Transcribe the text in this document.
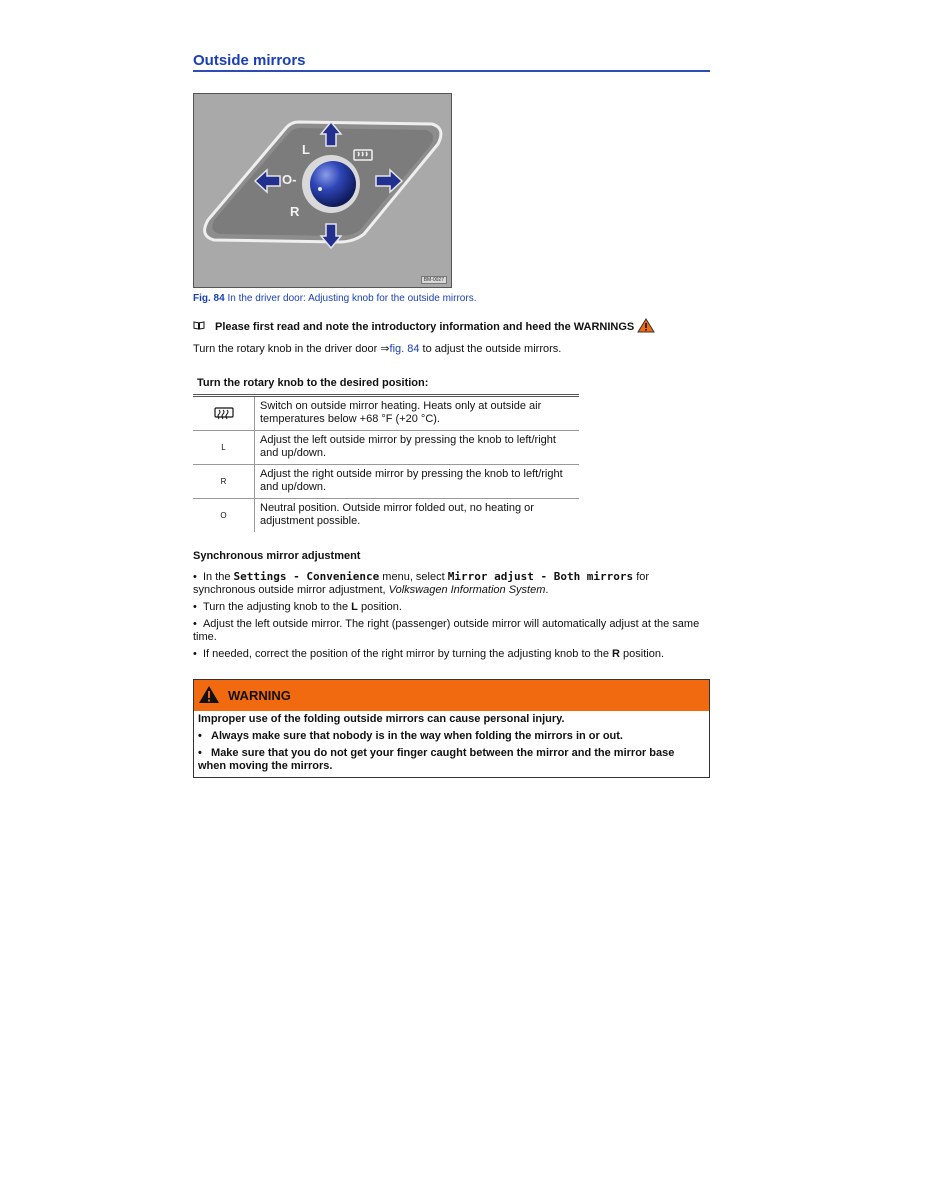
Outside mirrors
L
O-
R
BM-0027
Fig. 84 In the driver door: Adjusting knob for the outside mirrors.
Please first read and note the introductory information and heed the WARNINGS
Turn the rotary knob in the driver door ⇒fig. 84 to adjust the outside mirrors.
Turn the rotary knob to the desired position:
Switch on outside mirror heating. Heats only at outside air temperatures below +68 °F (+20 °C).
L
Adjust the left outside mirror by pressing the knob to left/right and up/down.
R
Adjust the right outside mirror by pressing the knob to left/right and up/down.
O
Neutral position. Outside mirror folded out, no heating or adjustment possible.
Synchronous mirror adjustment
•  In the Settings - Convenience menu, select Mirror adjust - Both mirrors for synchronous outside mirror adjustment, Volkswagen Information System.
•  Turn the adjusting knob to the L position.
•  Adjust the left outside mirror. The right (passenger) outside mirror will automatically adjust at the same time.
•  If needed, correct the position of the right mirror by turning the adjusting knob to the R position.
WARNING
Improper use of the folding outside mirrors can cause personal injury.
•   Always make sure that nobody is in the way when folding the mirrors in or out.
•   Make sure that you do not get your finger caught between the mirror and the mirror base when moving the mirrors.
